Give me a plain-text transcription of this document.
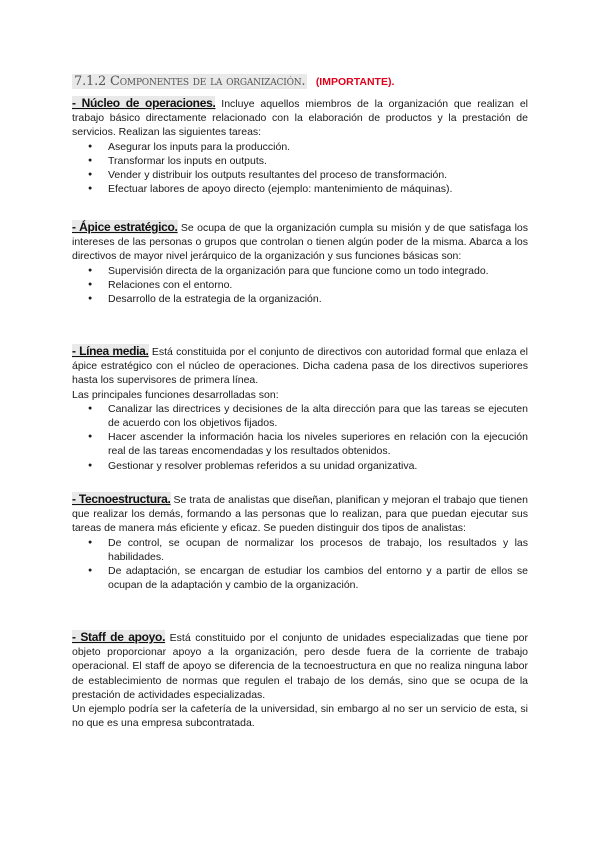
7.1.2 Componentes de la organización. (IMPORTANTE).

- Núcleo de operaciones. Incluye aquellos miembros de la organización que realizan el trabajo básico directamente relacionado con la elaboración de productos y la prestación de servicios. Realizan las siguientes tareas:

● Asegurar los inputs para la producción.
● Transformar los inputs en outputs.
● Vender y distribuir los outputs resultantes del proceso de transformación.
● Efectuar labores de apoyo directo (ejemplo: mantenimiento de máquinas).

- Ápice estratégico. Se ocupa de que la organización cumpla su misión y de que satisfaga los intereses de las personas o grupos que controlan o tienen algún poder de la misma. Abarca a los directivos de mayor nivel jerárquico de la organización y sus funciones básicas son:

● Supervisión directa de la organización para que funcione como un todo integrado.
● Relaciones con el entorno.
● Desarrollo de la estrategia de la organización.

- Línea media. Está constituida por el conjunto de directivos con autoridad formal que enlaza el ápice estratégico con el núcleo de operaciones. Dicha cadena pasa de los directivos superiores hasta los supervisores de primera línea.

Las principales funciones desarrolladas son:

● Canalizar las directrices y decisiones de la alta dirección para que las tareas se ejecuten de acuerdo con los objetivos fijados.
● Hacer ascender la información hacia los niveles superiores en relación con la ejecución real de las tareas encomendadas y los resultados obtenidos.
● Gestionar y resolver problemas referidos a su unidad organizativa.

- Tecnoestructura. Se trata de analistas que diseñan, planifican y mejoran el trabajo que tienen que realizar los demás, formando a las personas que lo realizan, para que puedan ejecutar sus tareas de manera más eficiente y eficaz. Se pueden distinguir dos tipos de analistas:

● De control, se ocupan de normalizar los procesos de trabajo, los resultados y las habilidades.
● De adaptación, se encargan de estudiar los cambios del entorno y a partir de ellos se ocupan de la adaptación y cambio de la organización.

- Staff de apoyo. Está constituido por el conjunto de unidades especializadas que tiene por objeto proporcionar apoyo a la organización, pero desde fuera de la corriente de trabajo operacional. El staff de apoyo se diferencia de la tecnoestructura en que no realiza ninguna labor de establecimiento de normas que regulen el trabajo de los demás, sino que se ocupa de la prestación de actividades especializadas.

Un ejemplo podría ser la cafetería de la universidad, sin embargo al no ser un servicio de esta, si no que es una empresa subcontratada.
